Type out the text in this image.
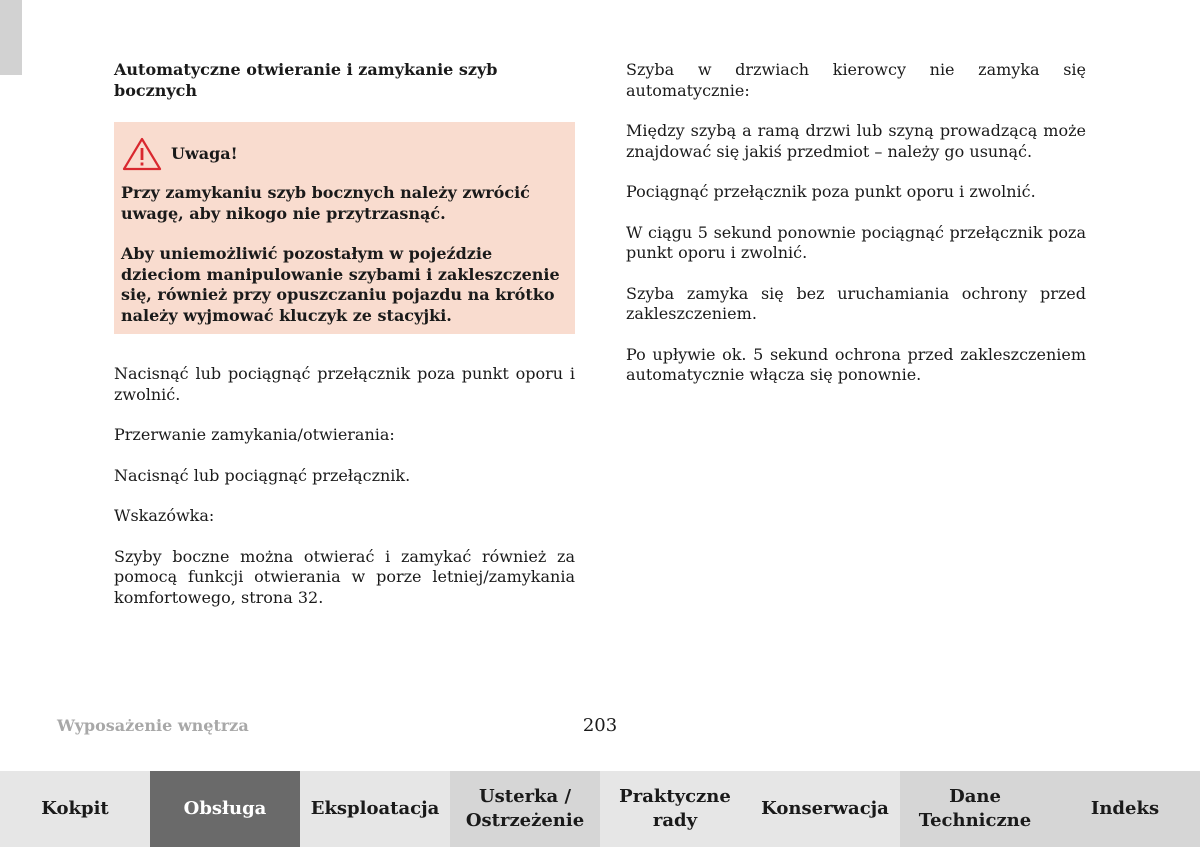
Automatyczne otwieranie i zamykanie szyb bocznych
Uwaga!

Przy zamykaniu szyb bocznych należy zwrócić uwagę, aby nikogo nie przytrzasnąć.

Aby uniemożliwić pozostałym w pojeździe dzieciom manipulowanie szybami i zakleszczenie się, również przy opuszczaniu pojazdu na krótko należy wyjmować kluczyk ze stacyjki.

Nacisnąć lub pociągnąć przełącznik poza punkt oporu i zwolnić.

Przerwanie zamykania/otwierania:

Nacisnąć lub pociągnąć przełącznik.

Wskazówka:

Szyby boczne można otwierać i zamykać również za pomocą funkcji otwierania w porze letniej/zamykania komfortowego, strona 32.

Szyba w drzwiach kierowcy nie zamyka się automatycznie:

Między szybą a ramą drzwi lub szyną prowadzącą może znajdować się jakiś przedmiot – należy go usunąć.

Pociągnąć przełącznik poza punkt oporu i zwolnić.

W ciągu 5 sekund ponownie pociągnąć przełącznik poza punkt oporu i zwolnić.

Szyba zamyka się bez uruchamiania ochrony przed zakleszczeniem.

Po upływie ok. 5 sekund ochrona przed zakleszczeniem automatycznie włącza się ponownie.

Wyposażenie wnętrza	203
Kokpit	Obsługa Eksploatacja
Usterka /
Ostrzeżenie
Praktyczne
rady
Konserwacja
Dane
Techniczne
Indeks
